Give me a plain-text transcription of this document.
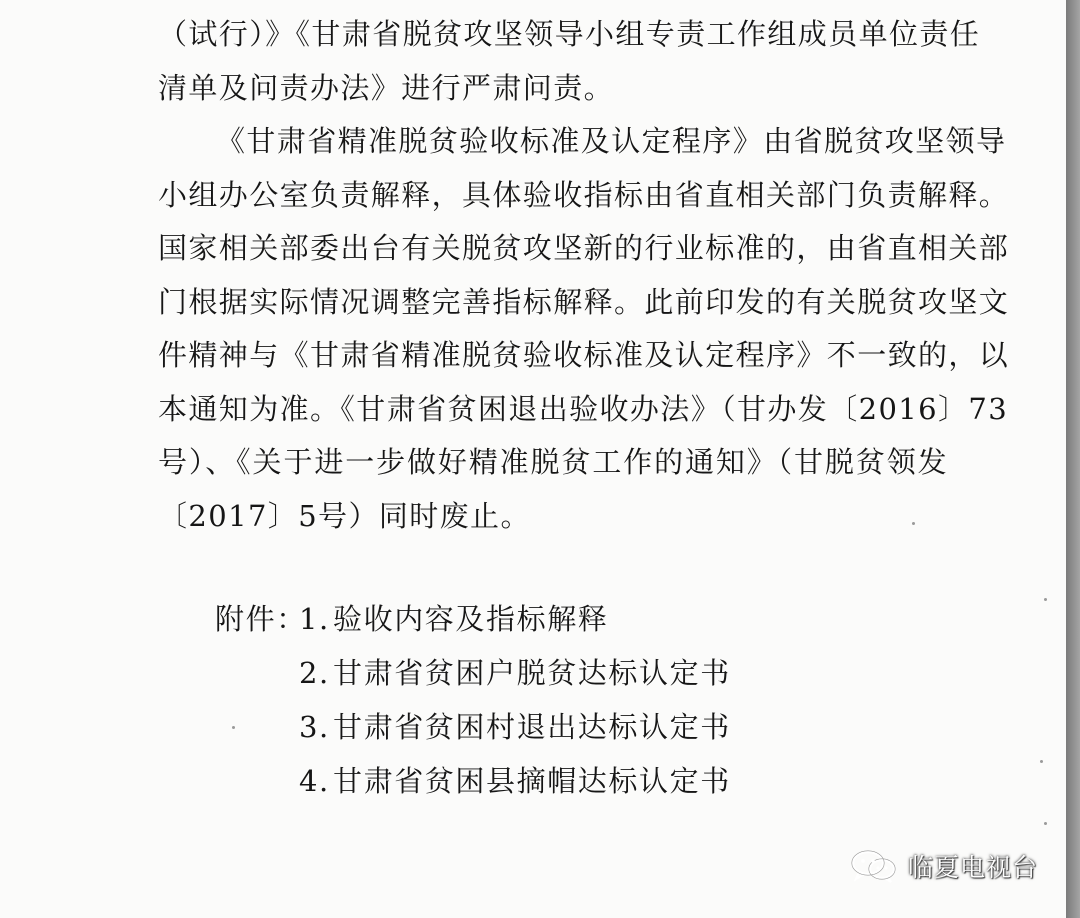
（试行）》《甘肃省脱贫攻坚领导小组专责工作组成员单位责任
清单及问责办法》进行严肃问责。
《甘肃省精准脱贫验收标准及认定程序》由省脱贫攻坚领导
小组办公室负责解释，具体验收指标由省直相关部门负责解释。
国家相关部委出台有关脱贫攻坚新的行业标准的，由省直相关部
门根据实际情况调整完善指标解释。此前印发的有关脱贫攻坚文
件精神与《甘肃省精准脱贫验收标准及认定程序》不一致的，以
本通知为准。《甘肃省贫困退出验收办法》（甘办发〔2016〕73
号）、《关于进一步做好精准脱贫工作的通知》（甘脱贫领发
〔2017〕5号）同时废止。
附件：
1. 验收内容及指标解释
2. 甘肃省贫困户脱贫达标认定书
3. 甘肃省贫困村退出达标认定书
4. 甘肃省贫困县摘帽达标认定书
临夏电视台
